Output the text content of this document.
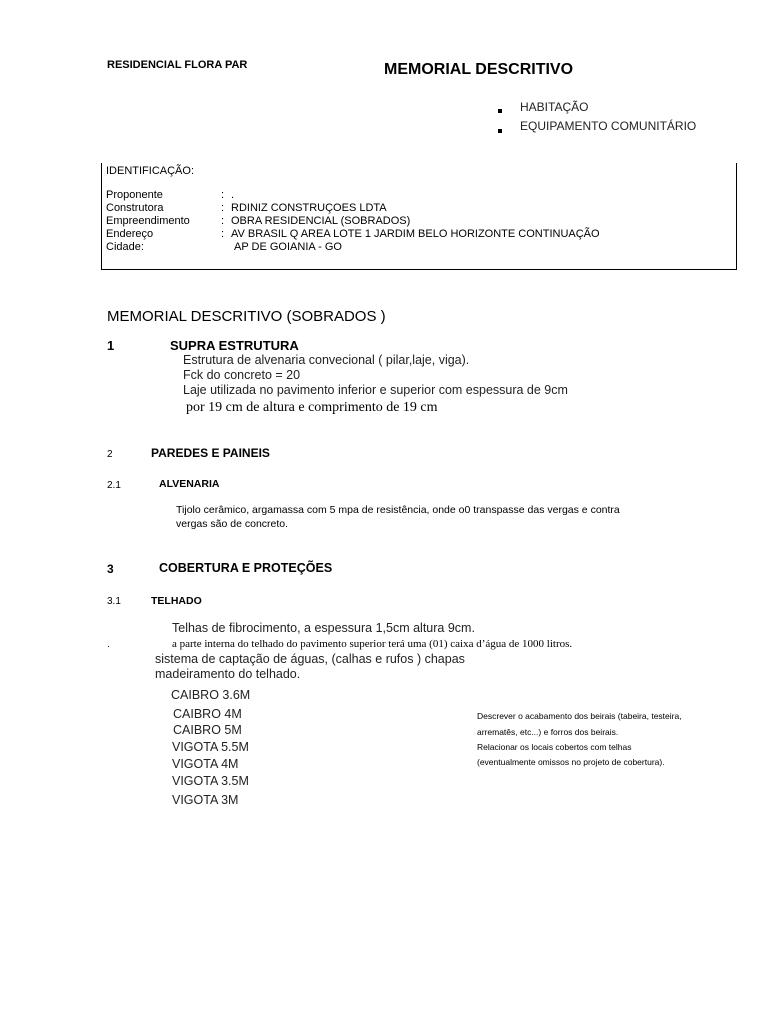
RESIDENCIAL FLORA PAR	MEMORIAL DESCRITIVO
HABITAÇÃO
EQUIPAMENTO COMUNITÁRIO
IDENTIFICAÇÃO:
Proponente	: .
Construtora	: RDINIZ CONSTRUÇOES LDTA
Empreendimento	: OBRA RESIDENCIAL (SOBRADOS)
Endereço	: AV BRASIL Q AREA LOTE 1 JARDIM BELO HORIZONTE CONTINUAÇÃO
Cidade:	AP DE GOIANIA - GO
MEMORIAL DESCRITIVO (SOBRADOS )
1	SUPRA ESTRUTURA
Estrutura de alvenaria convecional ( pilar,laje, viga).
Fck do concreto = 20
Laje utilizada no pavimento inferior e superior com espessura de 9cm
por 19 cm de altura e comprimento de 19 cm
2	PAREDES E PAINEIS
2.1	ALVENARIA
Tijolo cerâmico, argamassa com 5 mpa de resistência, onde o0 transpasse das vergas e contra
vergas são de concreto.
3	COBERTURA E PROTEÇÕES
3.1	TELHADO
Telhas de fibrocimento, a espessura 1,5cm altura 9cm.
.	a parte interna do telhado do pavimento superior terá uma (01) caixa d’água de 1000 litros.
sistema de captação de águas, (calhas e rufos ) chapas
madeiramento do telhado.
CAIBRO 3.6M
CAIBRO 4M
CAIBRO 5M
VIGOTA 5.5M
VIGOTA 4M
VIGOTA 3.5M
VIGOTA 3M
Descrever o acabamento dos beirais (tabeira, testeira,
arrematês, etc...) e forros dos beirais.
Relacionar os locais cobertos com telhas
(eventualmente omissos no projeto de cobertura).
